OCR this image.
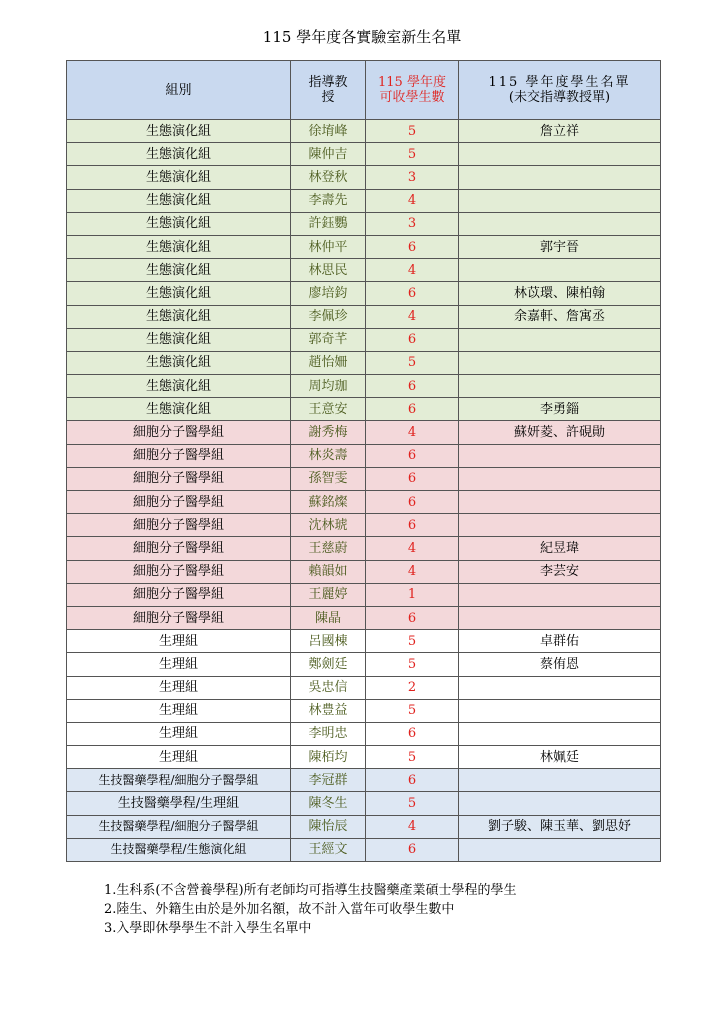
115 學年度各實驗室新生名單
組別	指導教授	115 學年度可收學生數	115 學年度學生名單
(未交指導教授單)

生態演化組	徐堉峰	5	詹立祥
生態演化組	陳仲吉	5	
生態演化組	林登秋	3	
生態演化組	李壽先	4	
生態演化組	許鈺鸚	3	
生態演化組	林仲平	6	郭宇晉
生態演化組	林思民	4	
生態演化組	廖培鈞	6	林苡環、陳柏翰
生態演化組	李佩珍	4	余嘉軒、詹寓丞
生態演化組	郭奇芊	6	
生態演化組	趙怡姍	5	
生態演化組	周均珈	6	
生態演化組	王意安	6	李勇錙
細胞分子醫學組	謝秀梅	4	蘇妍菱、許硯勛
細胞分子醫學組	林炎壽	6	
細胞分子醫學組	孫智雯	6	
細胞分子醫學組	蘇銘燦	6	
細胞分子醫學組	沈林琥	6	
細胞分子醫學組	王慈蔚	4	紀昱瑋
細胞分子醫學組	賴韻如	4	李芸安
細胞分子醫學組	王麗婷	1	
細胞分子醫學組	陳晶	6	
生理組	呂國棟	5	卓群佑
生理組	鄭劍廷	5	蔡侑恩
生理組	吳忠信	2	
生理組	林豊益	5	
生理組	李明忠	6	
生理組	陳栢均	5	林姵廷
生技醫藥學程/細胞分子醫學組	李冠群	6	
生技醫藥學程/生理組	陳冬生	5	
生技醫藥學程/細胞分子醫學組	陳怡辰	4	劉子駿、陳玉華、劉思妤
生技醫藥學程/生態演化組	王經文	6	
1.生科系(不含營養學程)所有老師均可指導生技醫藥產業碩士學程的學生
2.陸生、外籍生由於是外加名額，故不計入當年可收學生數中
3.入學即休學學生不計入學生名單中
